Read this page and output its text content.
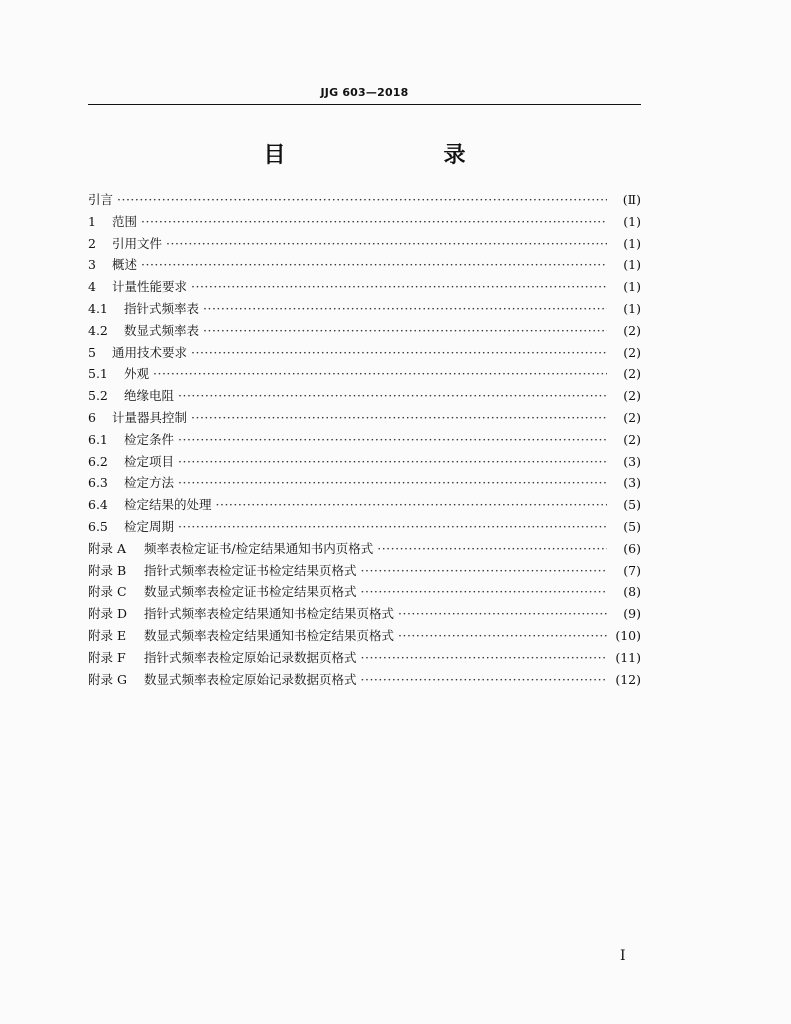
JJG 603—2018
目　　录
引言 ·····	(Ⅱ)
1	范围 ·····	(1)
2	引用文件 ·····	(1)
3	概述 ·····	(1)
4	计量性能要求 ·····	(1)
4.1	指针式频率表 ·····	(1)
4.2	数显式频率表 ·····	(2)
5	通用技术要求 ·····	(2)
5.1	外观 ·····	(2)
5.2	绝缘电阻 ·····	(2)
6	计量器具控制 ·····	(2)
6.1	检定条件 ·····	(2)
6.2	检定项目 ·····	(3)
6.3	检定方法 ·····	(3)
6.4	检定结果的处理 ·····	(5)
6.5	检定周期 ·····	(5)
附录 A	频率表检定证书/检定结果通知书内页格式 ·····	(6)
附录 B	指针式频率表检定证书检定结果页格式 ·····	(7)
附录 C	数显式频率表检定证书检定结果页格式 ·····	(8)
附录 D	指针式频率表检定结果通知书检定结果页格式 ·····	(9)
附录 E	数显式频率表检定结果通知书检定结果页格式 ·····	(10)
附录 F	指针式频率表检定原始记录数据页格式 ·····	(11)
附录 G	数显式频率表检定原始记录数据页格式 ·····	(12)
I
